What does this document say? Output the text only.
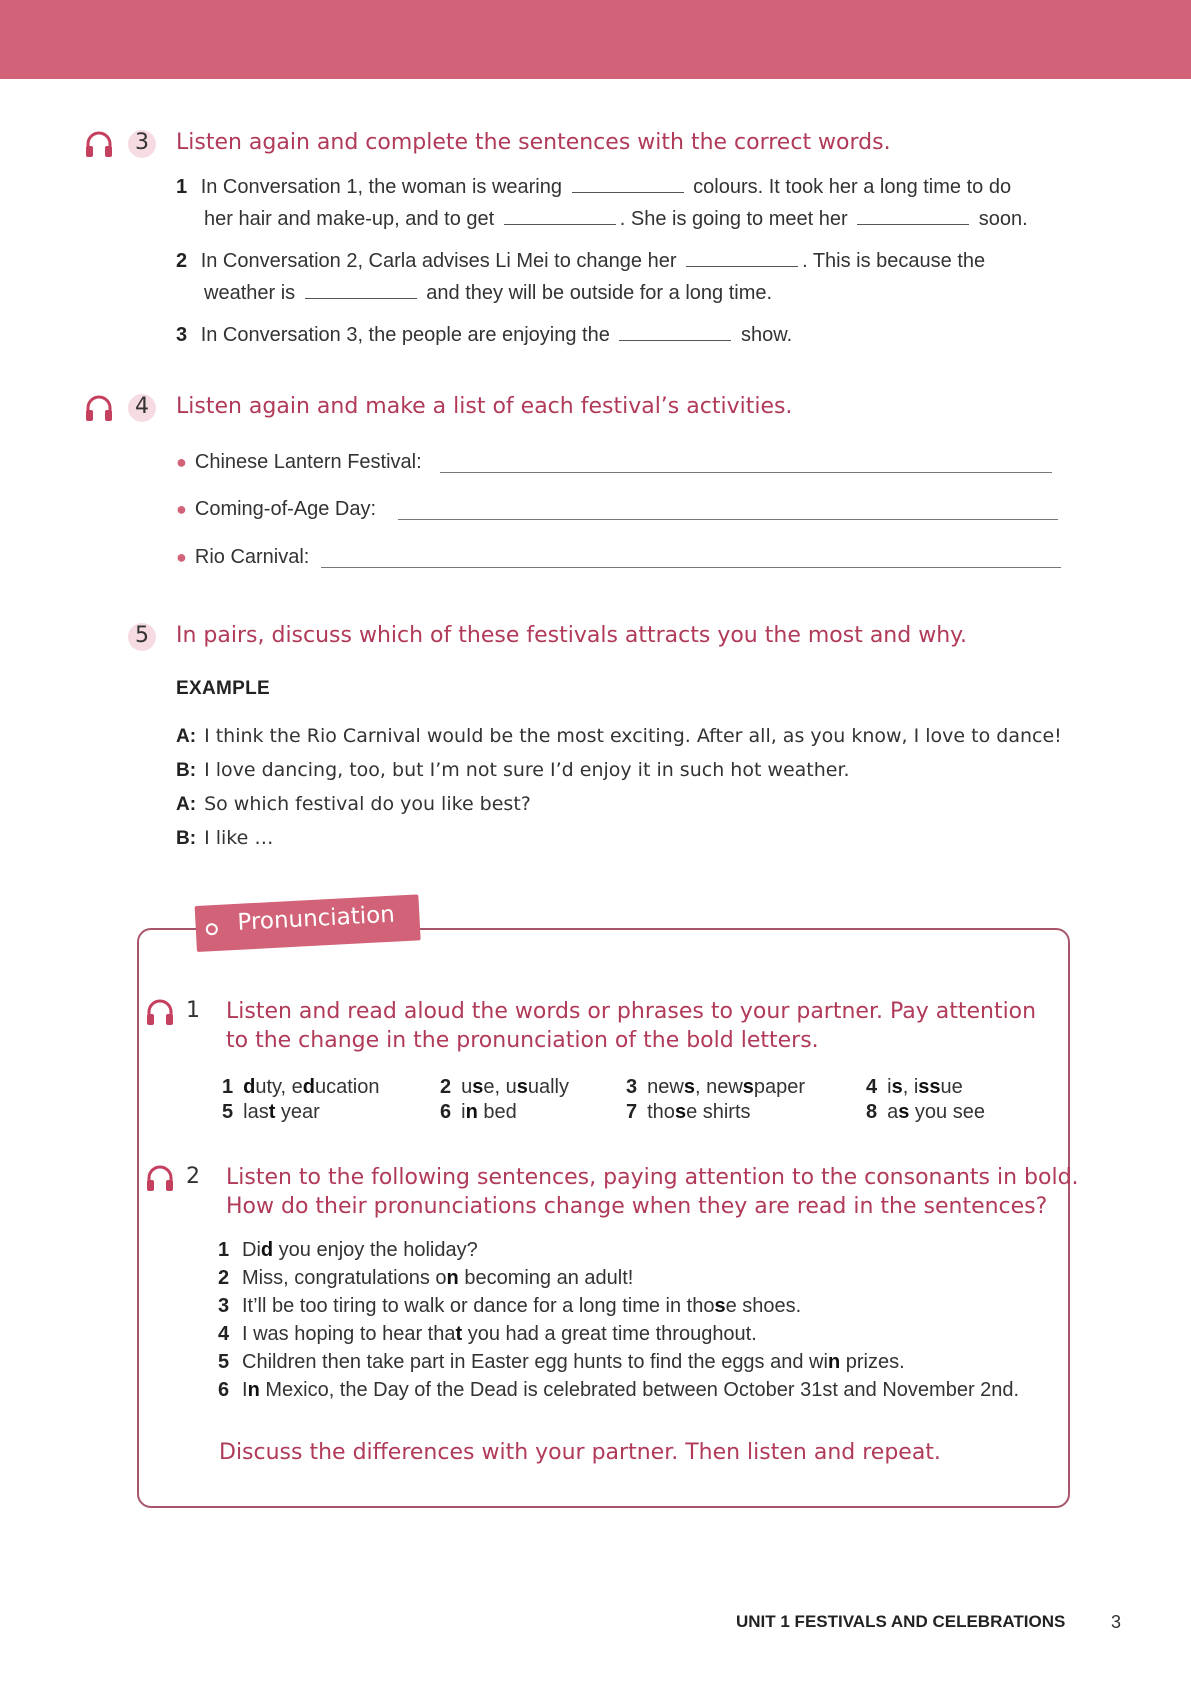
3 Listen again and complete the sentences with the correct words.
1 In Conversation 1, the woman is wearing	colours. It took her a long time to do
her hair and make-up, and to get	. She is going to meet her	soon.
2 In Conversation 2, Carla advises Li Mei to change her	. This is because the
weather is	and they will be outside for a long time.
3 In Conversation 3, the people are enjoying the	show.
4 Listen again and make a list of each festival’s activities.
● Chinese Lantern Festival:
● Coming-of-Age Day:
● Rio Carnival:
5 In pairs, discuss which of these festivals attracts you the most and why.
EXAMPLE
A: I think the Rio Carnival would be the most exciting. After all, as you know, I love to dance!
B: I love dancing, too, but I’m not sure I’d enjoy it in such hot weather.
A: So which festival do you like best?
B: I like …
Pronunciation
1 Listen and read aloud the words or phrases to your partner. Pay attention
to the change in the pronunciation of the bold letters.
1 duty, education	2 use, usually	3 news, newspaper	4 is, issue
5 last year	6 in bed	7 those shirts	8 as you see
2 Listen to the following sentences, paying attention to the consonants in bold.
How do their pronunciations change when they are read in the sentences?
1 Did you enjoy the holiday?
2 Miss, congratulations on becoming an adult!
3 It’ll be too tiring to walk or dance for a long time in those shoes.
4 I was hoping to hear that you had a great time throughout.
5 Children then take part in Easter egg hunts to find the eggs and win prizes.
6 In Mexico, the Day of the Dead is celebrated between October 31st and November 2nd.
Discuss the differences with your partner. Then listen and repeat.
UNIT 1 FESTIVALS AND CELEBRATIONS	3
